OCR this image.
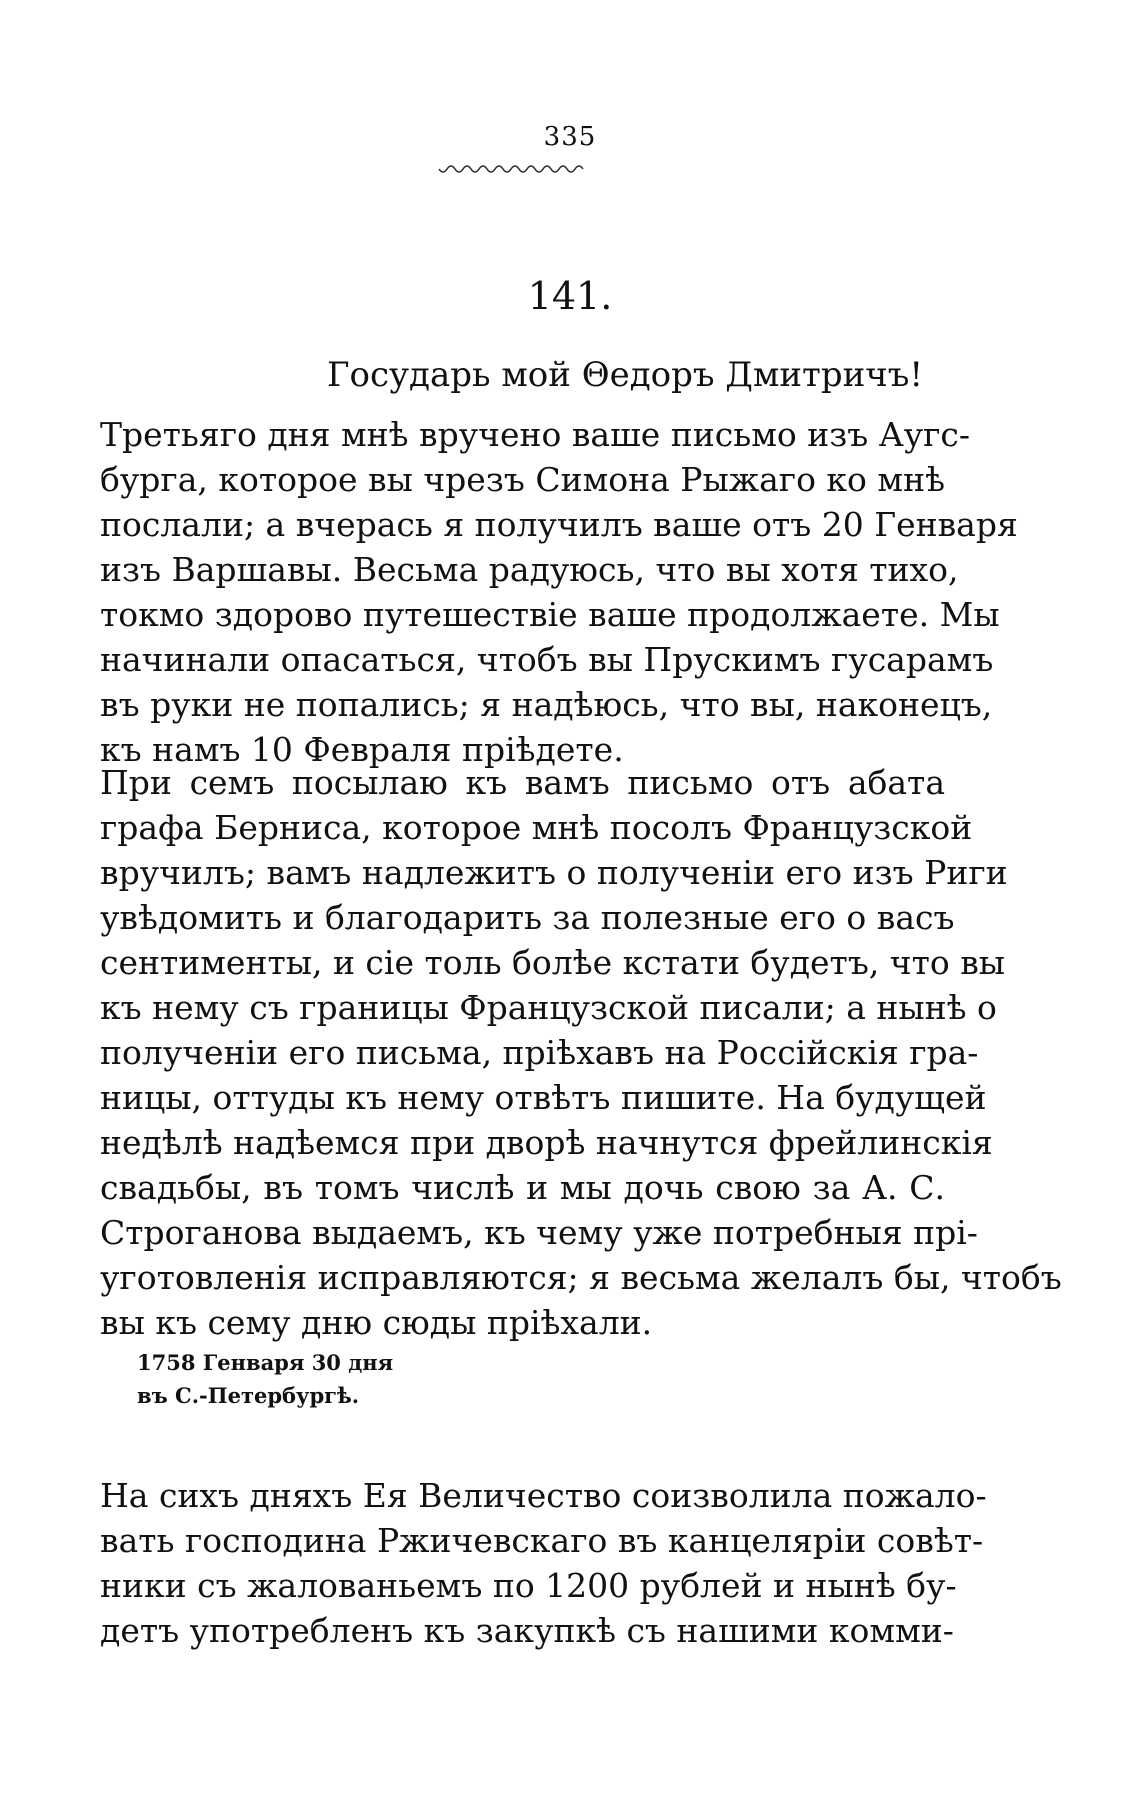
335
141.
Государь мой Θедоръ Дмитричъ!
Третьяго дня мнѣ вручено ваше письмо изъ Аугс-
бурга, которое вы чрезъ Симона Рыжаго ко мнѣ
послали; а вчерась я получилъ ваше отъ 20 Генваря
изъ Варшавы. Весьма радуюсь, что вы хотя тихо,
токмо здорово путешествіе ваше продолжаете. Мы
начинали опасаться, чтобъ вы Прускимъ гусарамъ
въ руки не попались; я надѣюсь, что вы, наконецъ,
къ намъ 10 Февраля пріѣдете.
При семъ посылаю къ вамъ письмо отъ абата
графа Берниса, которое мнѣ посолъ Французской
вручилъ; вамъ надлежитъ о полученіи его изъ Риги
увѣдомить и благодарить за полезные его о васъ
сентименты, и сіе толь болѣе кстати будетъ, что вы
къ нему съ границы Французской писали; а нынѣ о
полученіи его письма, пріѣхавъ на Россійскія гра-
ницы, оттуды къ нему отвѣтъ пишите. На будущей
недѣлѣ надѣемся при дворѣ начнутся фрейлинскія
свадьбы, въ томъ числѣ и мы дочь свою за А. С.
Строганова выдаемъ, къ чему уже потребныя прі-
уготовленія исправляются; я весьма желалъ бы, чтобъ
вы къ сему дню сюды пріѣхали.
1758 Генваря 30 дня
въ С.-Петербургѣ.
На сихъ дняхъ Ея Величество соизволила пожало-
вать господина Ржичевскаго въ канцеляріи совѣт-
ники съ жалованьемъ по 1200 рублей и нынѣ бу-
детъ употребленъ къ закупкѣ съ нашими комми-
